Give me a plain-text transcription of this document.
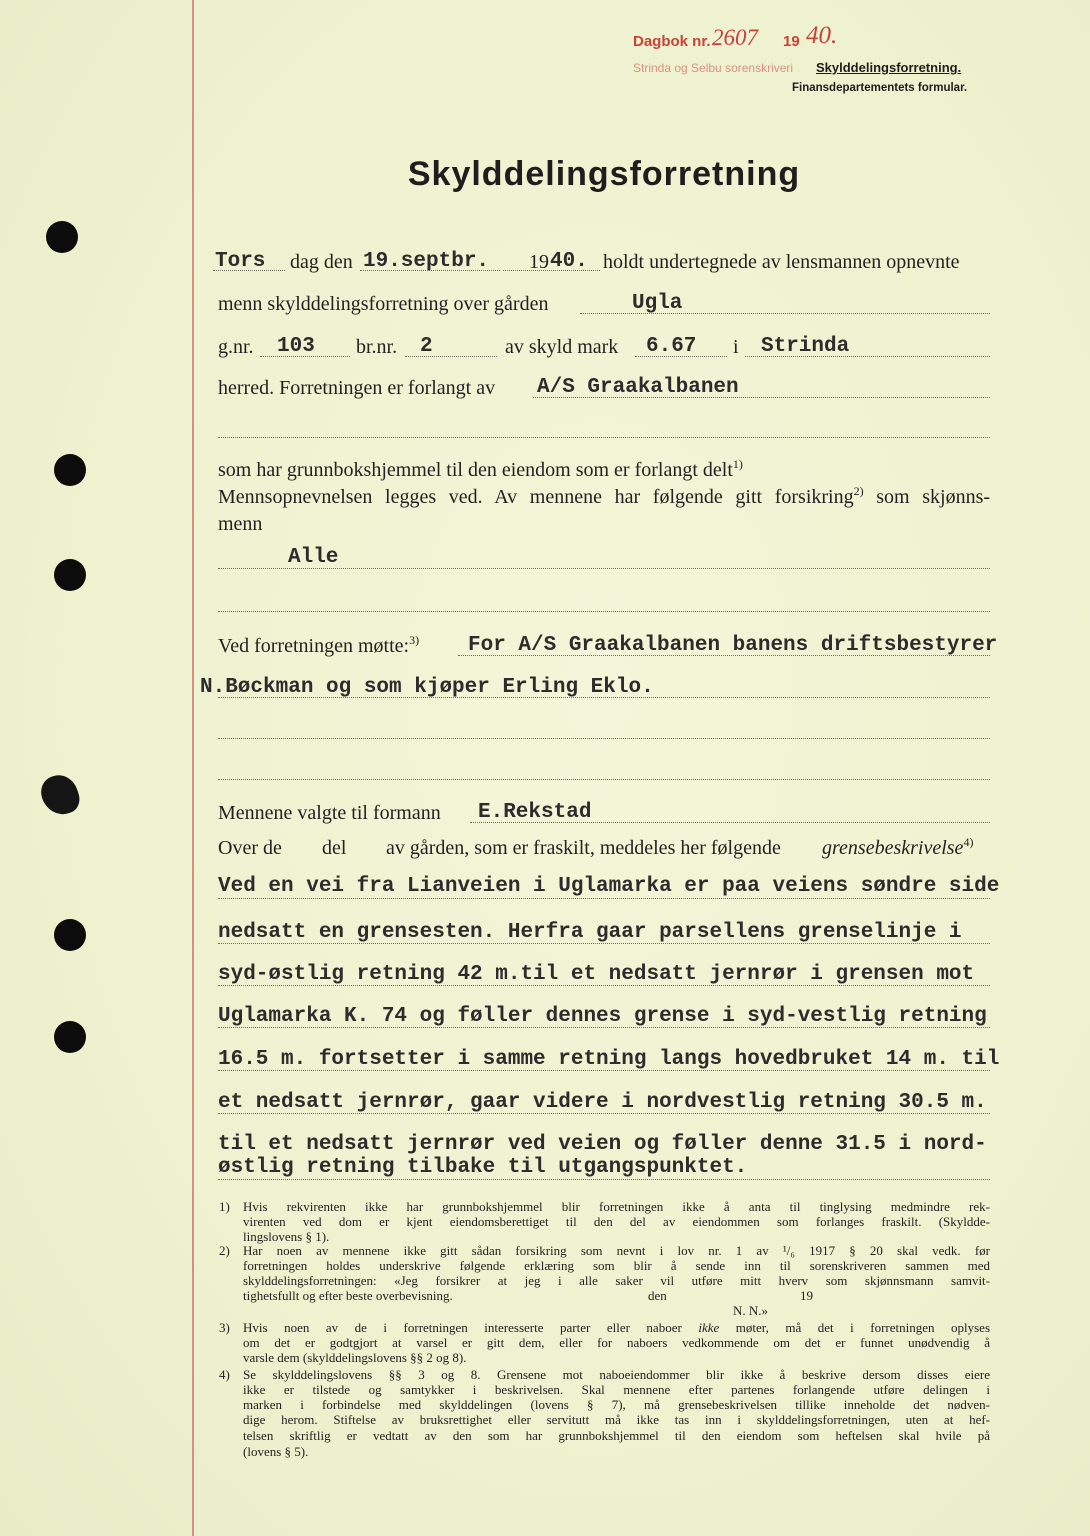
Dagbok nr. 2607 19 40.
Strinda og Selbu sorenskriveri Skylddelingsforretning.
Finansdepartementets formular.
Skylddelingsforretning
Tors dag den 19.septbr. 19 40. holdt undertegnede av lensmannen opnevnte
menn skylddelingsforretning over gården	Ugla
g.nr. 103 br.nr. 2	av skyld mark 6.67 i Strinda
herred. Forretningen er forlangt av A/S Graakalbanen
som har grunnbokshjemmel til den eiendom som er forlangt delt$^{1)}$
Mennsopnevnelsen legges ved. Av mennene har følgende gitt forsikring$^{2)}$ som skjønns-
menn
Alle
Ved forretningen møtte:$^{3)}$ For A/S Graakalbanen banens driftsbestyrer
N.Bøckman og som kjøper Erling Eklo.
Mennene valgte til formann E.Rekstad
Over de del av gården, som er fraskilt, meddeles her følgende grensebeskrivelse$^{4)}$
Ved en vei fra Lianveien i Uglamarka er paa veiens søndre side
nedsatt en grensesten. Herfra gaar parsellens grenselinje i
syd-østlig retning 42 m.til et nedsatt jernrør i grensen mot
Uglamarka K. 74 og føller dennes grense i syd-vestlig retning
16.5 m. fortsetter i samme retning langs hovedbruket 14 m. til
et nedsatt jernrør, gaar videre i nordvestlig retning 30.5 m.
til et nedsatt jernrør ved veien og føller denne 31.5 i nord-
østlig retning tilbake til utgangspunktet.
1) Hvis rekvirenten ikke har grunnbokshjemmel blir forretningen ikke å anta til tinglysing medmindre rek-
virenten ved dom er kjent eiendomsberettiget til den del av eiendommen som forlanges fraskilt. (Skyldde-
lingslovens § 1).
2) Har noen av mennene ikke gitt sådan forsikring som nevnt i lov nr. 1 av ¹/₆ 1917 § 20 skal vedk. før
forretningen holdes underskrive følgende erklæring som blir å sende inn til sorenskriveren sammen med
skylddelingsforretningen: «Jeg forsikrer at jeg i alle saker vil utføre mitt hverv som skjønnsmann samvit-
tighetsfullt og efter beste overbevisning.	den	19
N. N.»
3) Hvis noen av de i forretningen interesserte parter eller naboer ikke møter, må det i forretningen oplyses
om det er godtgjort at varsel er gitt dem, eller for naboers vedkommende om det er funnet unødvendig å
varsle dem (skylddelingslovens §§ 2 og 8).
4) Se skylddelingslovens §§ 3 og 8. Grensene mot naboeiendommer blir ikke å beskrive dersom disses eiere
ikke er tilstede og samtykker i beskrivelsen. Skal mennene efter partenes forlangende utføre delingen i
marken i forbindelse med skylddelingen (lovens § 7), må grensebeskrivelsen tillike inneholde det nødven-
dige herom. Stiftelse av bruksrettighet eller servitutt må ikke tas inn i skylddelingsforretningen, uten at hef-
telsen skriftlig er vedtatt av den som har grunnbokshjemmel til den eiendom som heftelsen skal hvile på
(lovens § 5).
